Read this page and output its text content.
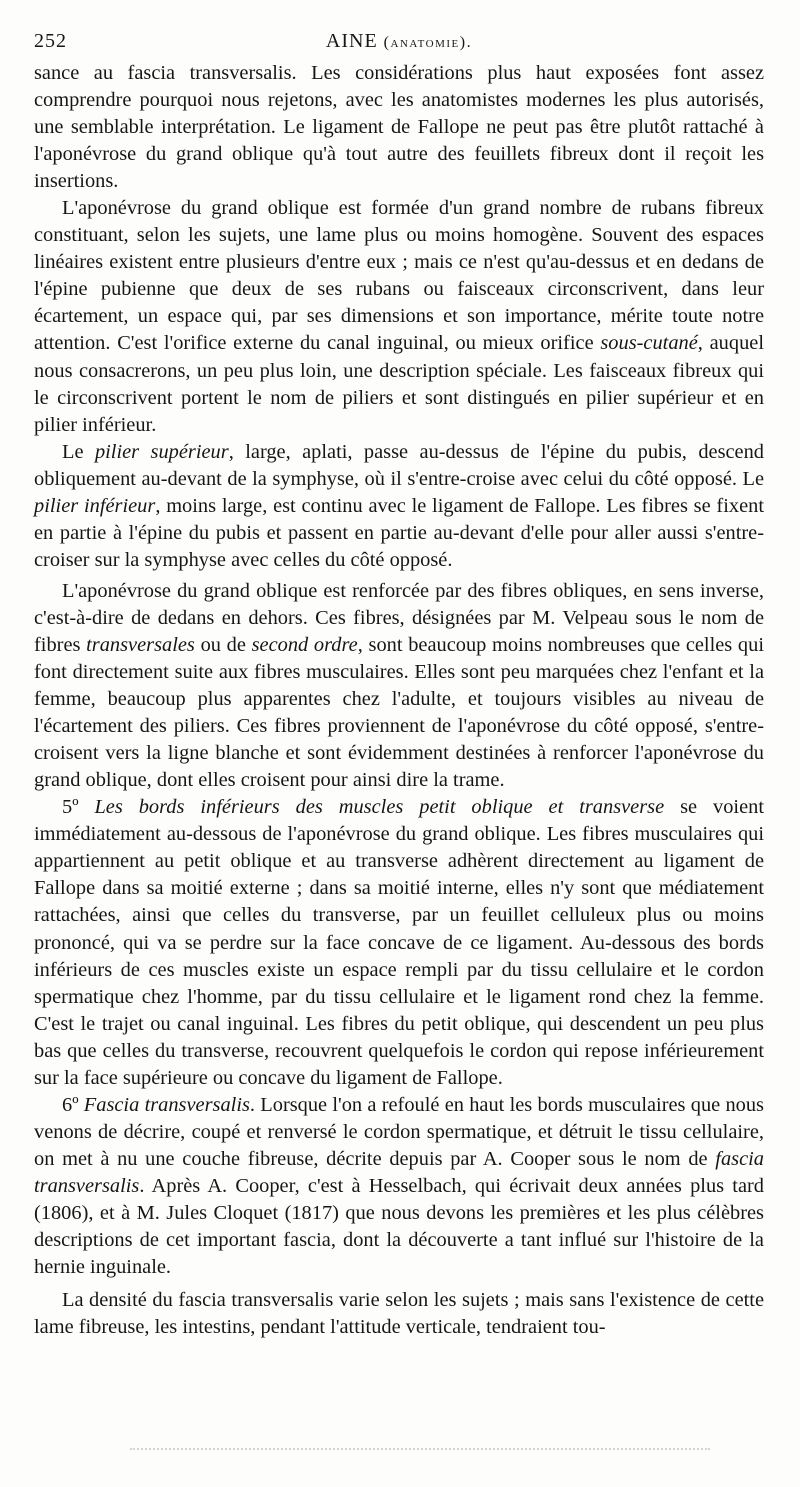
252	AINE (anatomie).

sance au fascia transversalis. Les considérations plus haut exposées font assez comprendre pourquoi nous rejetons, avec les anatomistes modernes les plus autorisés, une semblable interprétation. Le ligament de Fallope ne peut pas être plutôt rattaché à l'aponévrose du grand oblique qu'à tout autre des feuillets fibreux dont il reçoit les insertions.

L'aponévrose du grand oblique est formée d'un grand nombre de rubans fibreux constituant, selon les sujets, une lame plus ou moins homogène. Souvent des espaces linéaires existent entre plusieurs d'entre eux ; mais ce n'est qu'au-dessus et en dedans de l'épine pubienne que deux de ses rubans ou faisceaux circonscrivent, dans leur écartement, un espace qui, par ses dimensions et son importance, mérite toute notre attention. C'est l'orifice externe du canal inguinal, ou mieux orifice sous-cutané, auquel nous consacrerons, un peu plus loin, une description spéciale. Les faisceaux fibreux qui le circonscrivent portent le nom de piliers et sont distingués en pilier supérieur et en pilier inférieur.

Le pilier supérieur, large, aplati, passe au-dessus de l'épine du pubis, descend obliquement au-devant de la symphyse, où il s'entre-croise avec celui du côté opposé. Le pilier inférieur, moins large, est continu avec le ligament de Fallope. Les fibres se fixent en partie à l'épine du pubis et passent en partie au-devant d'elle pour aller aussi s'entre-croiser sur la symphyse avec celles du côté opposé.

L'aponévrose du grand oblique est renforcée par des fibres obliques, en sens inverse, c'est-à-dire de dedans en dehors. Ces fibres, désignées par M. Velpeau sous le nom de fibres transversales ou de second ordre, sont beaucoup moins nombreuses que celles qui font directement suite aux fibres musculaires. Elles sont peu marquées chez l'enfant et la femme, beaucoup plus apparentes chez l'adulte, et toujours visibles au niveau de l'écartement des piliers. Ces fibres proviennent de l'aponévrose du côté opposé, s'entre-croisent vers la ligne blanche et sont évidemment destinées à renforcer l'aponévrose du grand oblique, dont elles croisent pour ainsi dire la trame.

5º Les bords inférieurs des muscles petit oblique et transverse se voient immédiatement au-dessous de l'aponévrose du grand oblique. Les fibres musculaires qui appartiennent au petit oblique et au transverse adhèrent directement au ligament de Fallope dans sa moitié externe ; dans sa moitié interne, elles n'y sont que médiatement rattachées, ainsi que celles du transverse, par un feuillet celluleux plus ou moins prononcé, qui va se perdre sur la face concave de ce ligament. Au-dessous des bords inférieurs de ces muscles existe un espace rempli par du tissu cellulaire et le cordon spermatique chez l'homme, par du tissu cellulaire et le ligament rond chez la femme. C'est le trajet ou canal inguinal. Les fibres du petit oblique, qui descendent un peu plus bas que celles du transverse, recouvrent quelquefois le cordon qui repose inférieurement sur la face supérieure ou concave du ligament de Fallope.

6º Fascia transversalis. Lorsque l'on a refoulé en haut les bords musculaires que nous venons de décrire, coupé et renversé le cordon spermatique, et détruit le tissu cellulaire, on met à nu une couche fibreuse, décrite depuis par A. Cooper sous le nom de fascia transversalis. Après A. Cooper, c'est à Hesselbach, qui écrivait deux années plus tard (1806), et à M. Jules Cloquet (1817) que nous devons les premières et les plus célèbres descriptions de cet important fascia, dont la découverte a tant influé sur l'histoire de la hernie inguinale.

La densité du fascia transversalis varie selon les sujets ; mais sans l'existence de cette lame fibreuse, les intestins, pendant l'attitude verticale, tendraient tou-
